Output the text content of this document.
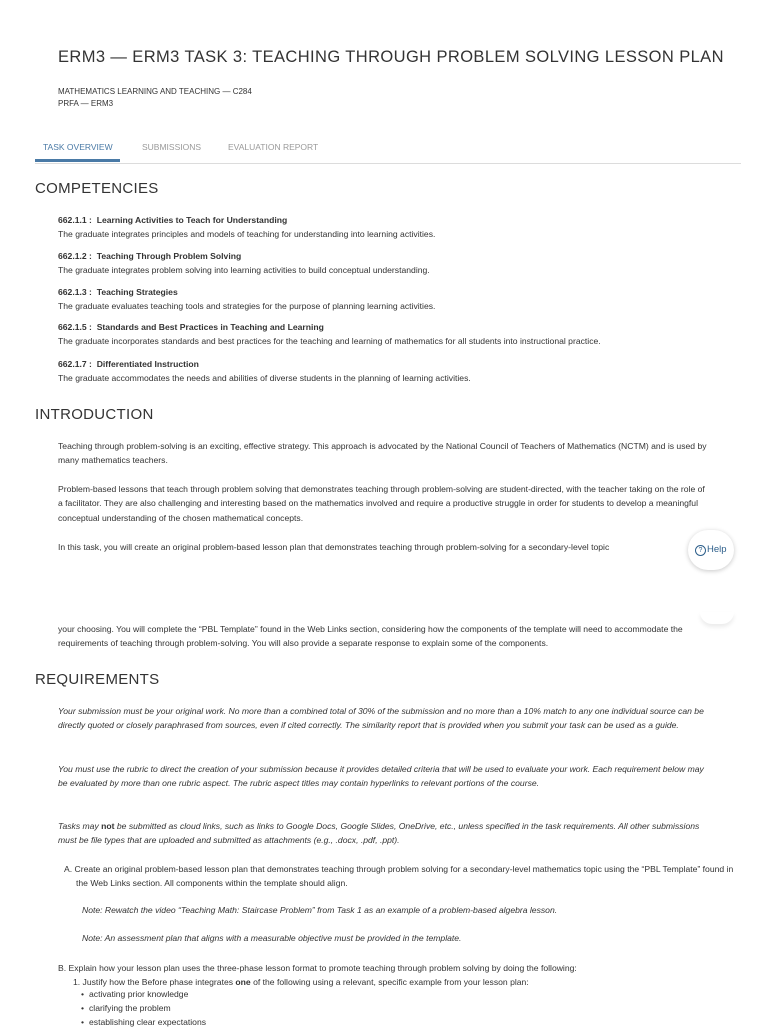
ERM3 — ERM3 TASK 3: TEACHING THROUGH PROBLEM SOLVING LESSON PLAN
MATHEMATICS LEARNING AND TEACHING — C284
PRFA — ERM3
TASK OVERVIEW	SUBMISSIONS	EVALUATION REPORT
COMPETENCIES
662.1.1 : Learning Activities to Teach for Understanding
The graduate integrates principles and models of teaching for understanding into learning activities.
662.1.2 : Teaching Through Problem Solving
The graduate integrates problem solving into learning activities to build conceptual understanding.
662.1.3 : Teaching Strategies
The graduate evaluates teaching tools and strategies for the purpose of planning learning activities.
662.1.5 : Standards and Best Practices in Teaching and Learning
The graduate incorporates standards and best practices for the teaching and learning of mathematics for all students into instructional practice.
662.1.7 : Differentiated Instruction
The graduate accommodates the needs and abilities of diverse students in the planning of learning activities.
INTRODUCTION
Teaching through problem-solving is an exciting, effective strategy. This approach is advocated by the National Council of Teachers of Mathematics (NCTM) and is used by many mathematics teachers.
Problem-based lessons that teach through problem solving that demonstrates teaching through problem-solving are student-directed, with the teacher taking on the role of a facilitator. They are also challenging and interesting based on the mathematics involved and require a productive struggle in order for students to develop a meaningful conceptual understanding of the chosen mathematical concepts.
In this task, you will create an original problem-based lesson plan that demonstrates teaching through problem-solving for a secondary-level topic	? Help
your choosing. You will complete the “PBL Template” found in the Web Links section, considering how the components of the template will need to accommodate the requirements of teaching through problem-solving. You will also provide a separate response to explain some of the components.
REQUIREMENTS
Your submission must be your original work. No more than a combined total of 30% of the submission and no more than a 10% match to any one individual source can be directly quoted or closely paraphrased from sources, even if cited correctly. The similarity report that is provided when you submit your task can be used as a guide.
You must use the rubric to direct the creation of your submission because it provides detailed criteria that will be used to evaluate your work. Each requirement below may be evaluated by more than one rubric aspect. The rubric aspect titles may contain hyperlinks to relevant portions of the course.
Tasks may not be submitted as cloud links, such as links to Google Docs, Google Slides, OneDrive, etc., unless specified in the task requirements. All other submissions must be file types that are uploaded and submitted as attachments (e.g., .docx, .pdf, .ppt).
A. Create an original problem-based lesson plan that demonstrates teaching through problem solving for a secondary-level mathematics topic using the “PBL Template” found in the Web Links section. All components within the template should align.
Note: Rewatch the video “Teaching Math: Staircase Problem” from Task 1 as an example of a problem-based algebra lesson.
Note: An assessment plan that aligns with a measurable objective must be provided in the template.
B. Explain how your lesson plan uses the three-phase lesson format to promote teaching through problem solving by doing the following:
1. Justify how the Before phase integrates one of the following using a relevant, specific example from your lesson plan:
• activating prior knowledge
• clarifying the problem
• establishing clear expectations
